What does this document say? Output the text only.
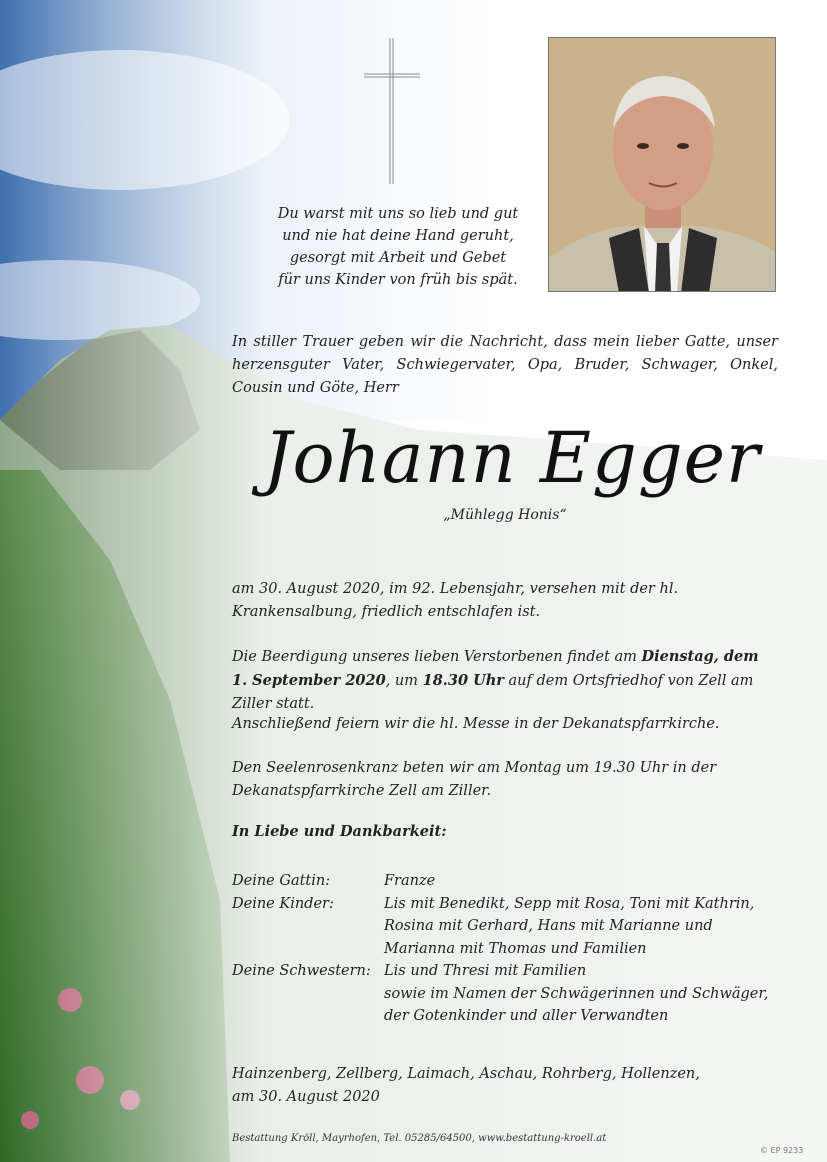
Du warst mit uns so lieb und gut
und nie hat deine Hand geruht,
gesorgt mit Arbeit und Gebet
für uns Kinder von früh bis spät.
In stiller Trauer geben wir die Nachricht, dass mein lieber Gatte, unser herzensguter Vater, Schwiegervater, Opa, Bruder, Schwager, Onkel, Cousin und Göte, Herr
Johann Egger
„Mühlegg Honis“
am 30. August 2020, im 92. Lebensjahr, versehen mit der hl. Krankensalbung, friedlich entschlafen ist.
Die Beerdigung unseres lieben Verstorbenen findet am Dienstag, dem 1. September 2020, um 18.30 Uhr auf dem Ortsfriedhof von Zell am Ziller statt.
Anschließend feiern wir die hl. Messe in der Dekanatspfarrkirche.
Den Seelenrosenkranz beten wir am Montag um 19.30 Uhr in der Dekanatspfarrkirche Zell am Ziller.
In Liebe und Dankbarkeit:
Deine Gattin:	Franze
Deine Kinder:	Lis mit Benedikt, Sepp mit Rosa, Toni mit Kathrin,
Rosina mit Gerhard, Hans mit Marianne und
Marianna mit Thomas und Familien
Deine Schwestern: Lis und Thresi mit Familien
sowie im Namen der Schwägerinnen und Schwäger,
der Gotenkinder und aller Verwandten
Hainzenberg, Zellberg, Laimach, Aschau, Rohrberg, Hollenzen,
am 30. August 2020
Bestattung Kröll, Mayrhofen, Tel. 05285/64500, www.bestattung-kroell.at
© EP 9233
